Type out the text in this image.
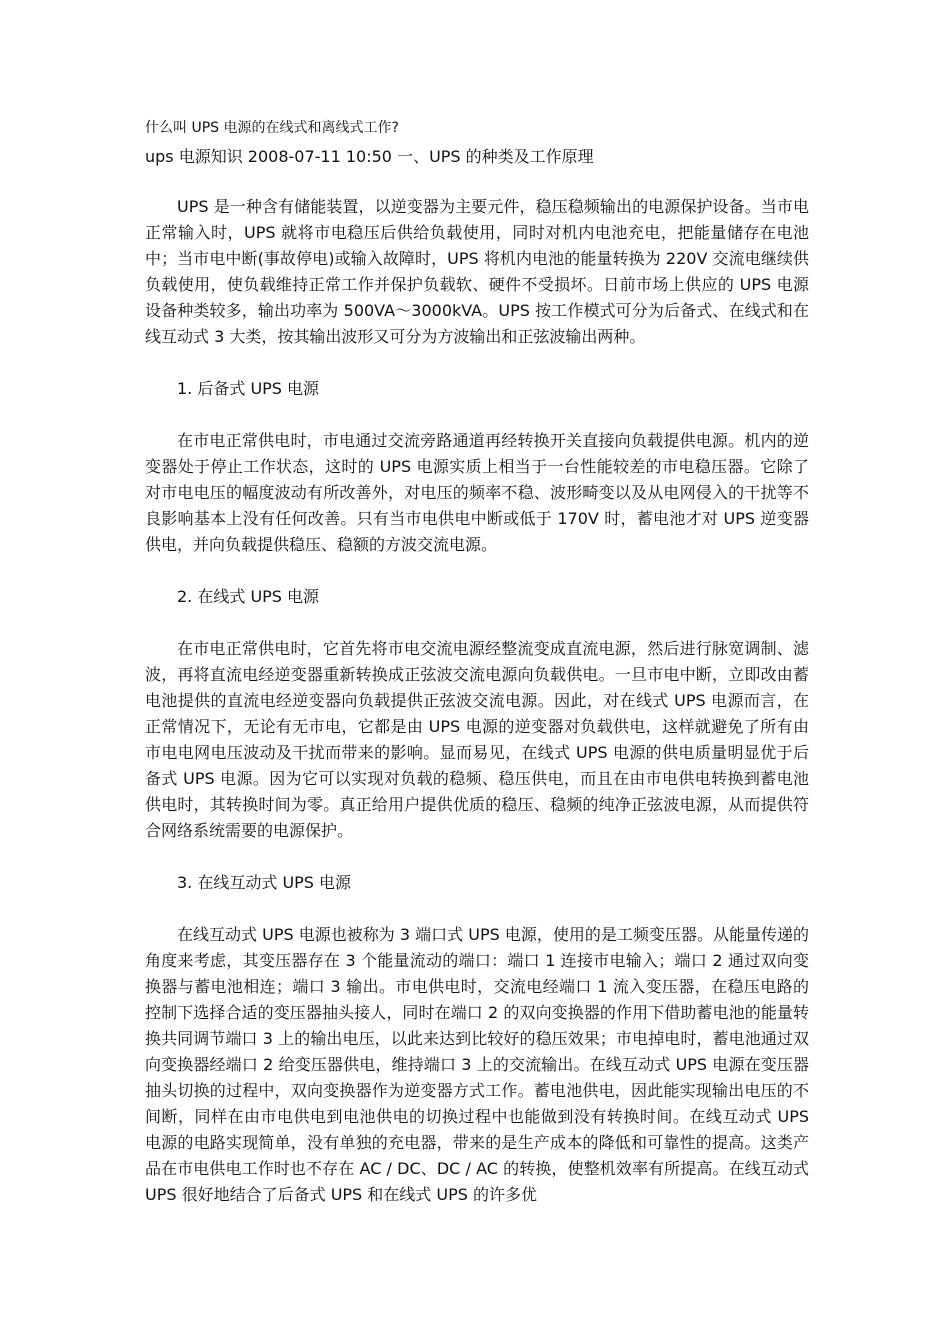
什么叫 UPS 电源的在线式和离线式工作?
ups 电源知识 2008-07-11 10:50 一、UPS 的种类及工作原理

UPS 是一种含有储能装置，以逆变器为主要元件，稳压稳频输出的电源保护设备。当市电正常输入时，UPS 就将市电稳压后供给负载使用，同时对机内电池充电，把能量储存在电池中；当市电中断(事故停电)或输入故障时，UPS 将机内电池的能量转换为 220V 交流电继续供负载使用，使负载维持正常工作并保护负载软、硬件不受损坏。日前市场上供应的 UPS 电源设备种类较多，输出功率为 500VA～3000kVA。UPS 按工作模式可分为后备式、在线式和在线互动式 3 大类，按其输出波形又可分为方波输出和正弦波输出两种。

1. 后备式 UPS 电源

在市电正常供电时，市电通过交流旁路通道再经转换开关直接向负载提供电源。机内的逆变器处于停止工作状态，这时的 UPS 电源实质上相当于一台性能较差的市电稳压器。它除了对市电电压的幅度波动有所改善外，对电压的频率不稳、波形畸变以及从电网侵入的干扰等不良影响基本上没有任何改善。只有当市电供电中断或低于 170V 时，蓄电池才对 UPS 逆变器供电，并向负载提供稳压、稳额的方波交流电源。

2. 在线式 UPS 电源

在市电正常供电时，它首先将市电交流电源经整流变成直流电源，然后进行脉宽调制、滤波，再将直流电经逆变器重新转换成正弦波交流电源向负载供电。一旦市电中断，立即改由蓄电池提供的直流电经逆变器向负载提供正弦波交流电源。因此，对在线式 UPS 电源而言，在正常情况下，无论有无市电，它都是由 UPS 电源的逆变器对负载供电，这样就避免了所有由市电电网电压波动及干扰而带来的影响。显而易见，在线式 UPS 电源的供电质量明显优于后备式 UPS 电源。因为它可以实现对负载的稳频、稳压供电，而且在由市电供电转换到蓄电池供电时，其转换时间为零。真正给用户提供优质的稳压、稳频的纯净正弦波电源，从而提供符合网络系统需要的电源保护。

3. 在线互动式 UPS 电源

在线互动式 UPS 电源也被称为 3 端口式 UPS 电源，使用的是工频变压器。从能量传递的角度来考虑，其变压器存在 3 个能量流动的端口：端口 1 连接市电输入；端口 2 通过双向变换器与蓄电池相连；端口 3 输出。市电供电时，交流电经端口 1 流入变压器，在稳压电路的控制下选择合适的变压器抽头接人，同时在端口 2 的双向变换器的作用下借助蓄电池的能量转换共同调节端口 3 上的输出电压，以此来达到比较好的稳压效果；市电掉电时，蓄电池通过双向变换器经端口 2 给变压器供电，维持端口 3 上的交流输出。在线互动式 UPS 电源在变压器抽头切换的过程中，双向变换器作为逆变器方式工作。蓄电池供电，因此能实现输出电压的不间断，同样在由市电供电到电池供电的切换过程中也能做到没有转换时间。在线互动式 UPS 电源的电路实现简单，没有单独的充电器，带来的是生产成本的降低和可靠性的提高。这类产品在市电供电工作时也不存在 AC / DC、DC / AC 的转换，使整机效率有所提高。在线互动式 UPS 很好地结合了后备式 UPS 和在线式 UPS 的许多优
